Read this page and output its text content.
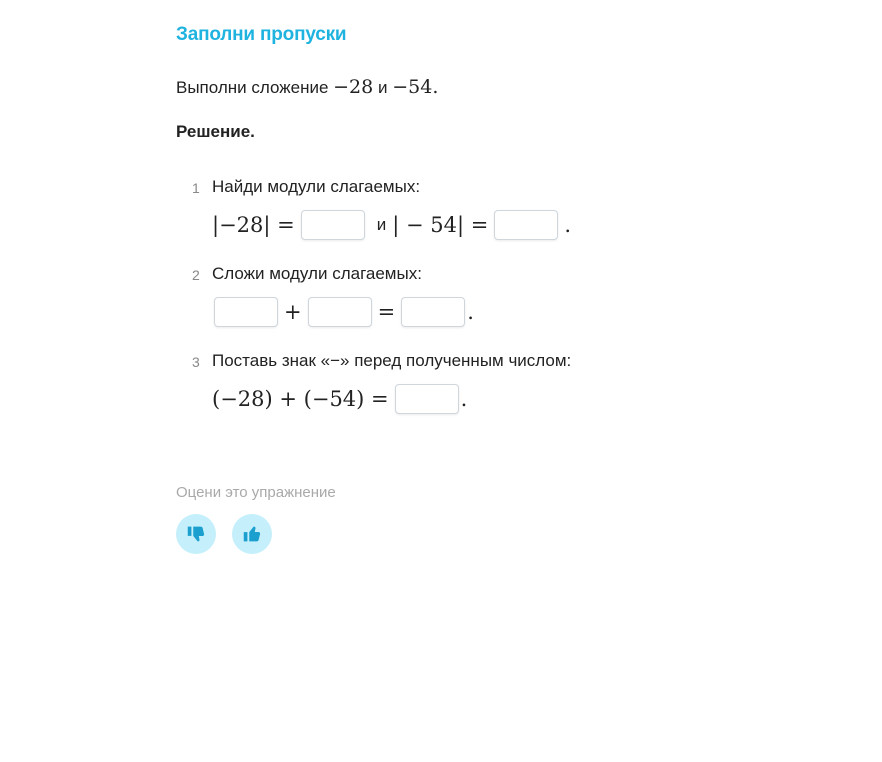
Заполни пропуски
Выполни сложение −28 и −54.
Решение.
1 Найди модули слагаемых:
|−28| =	и | − 54| =	.
2 Сложи модули слагаемых:
+	=	.
3 Поставь знак «−» перед полученным числом:
(−28) + (−54) =	.
Оцени это упражнение
